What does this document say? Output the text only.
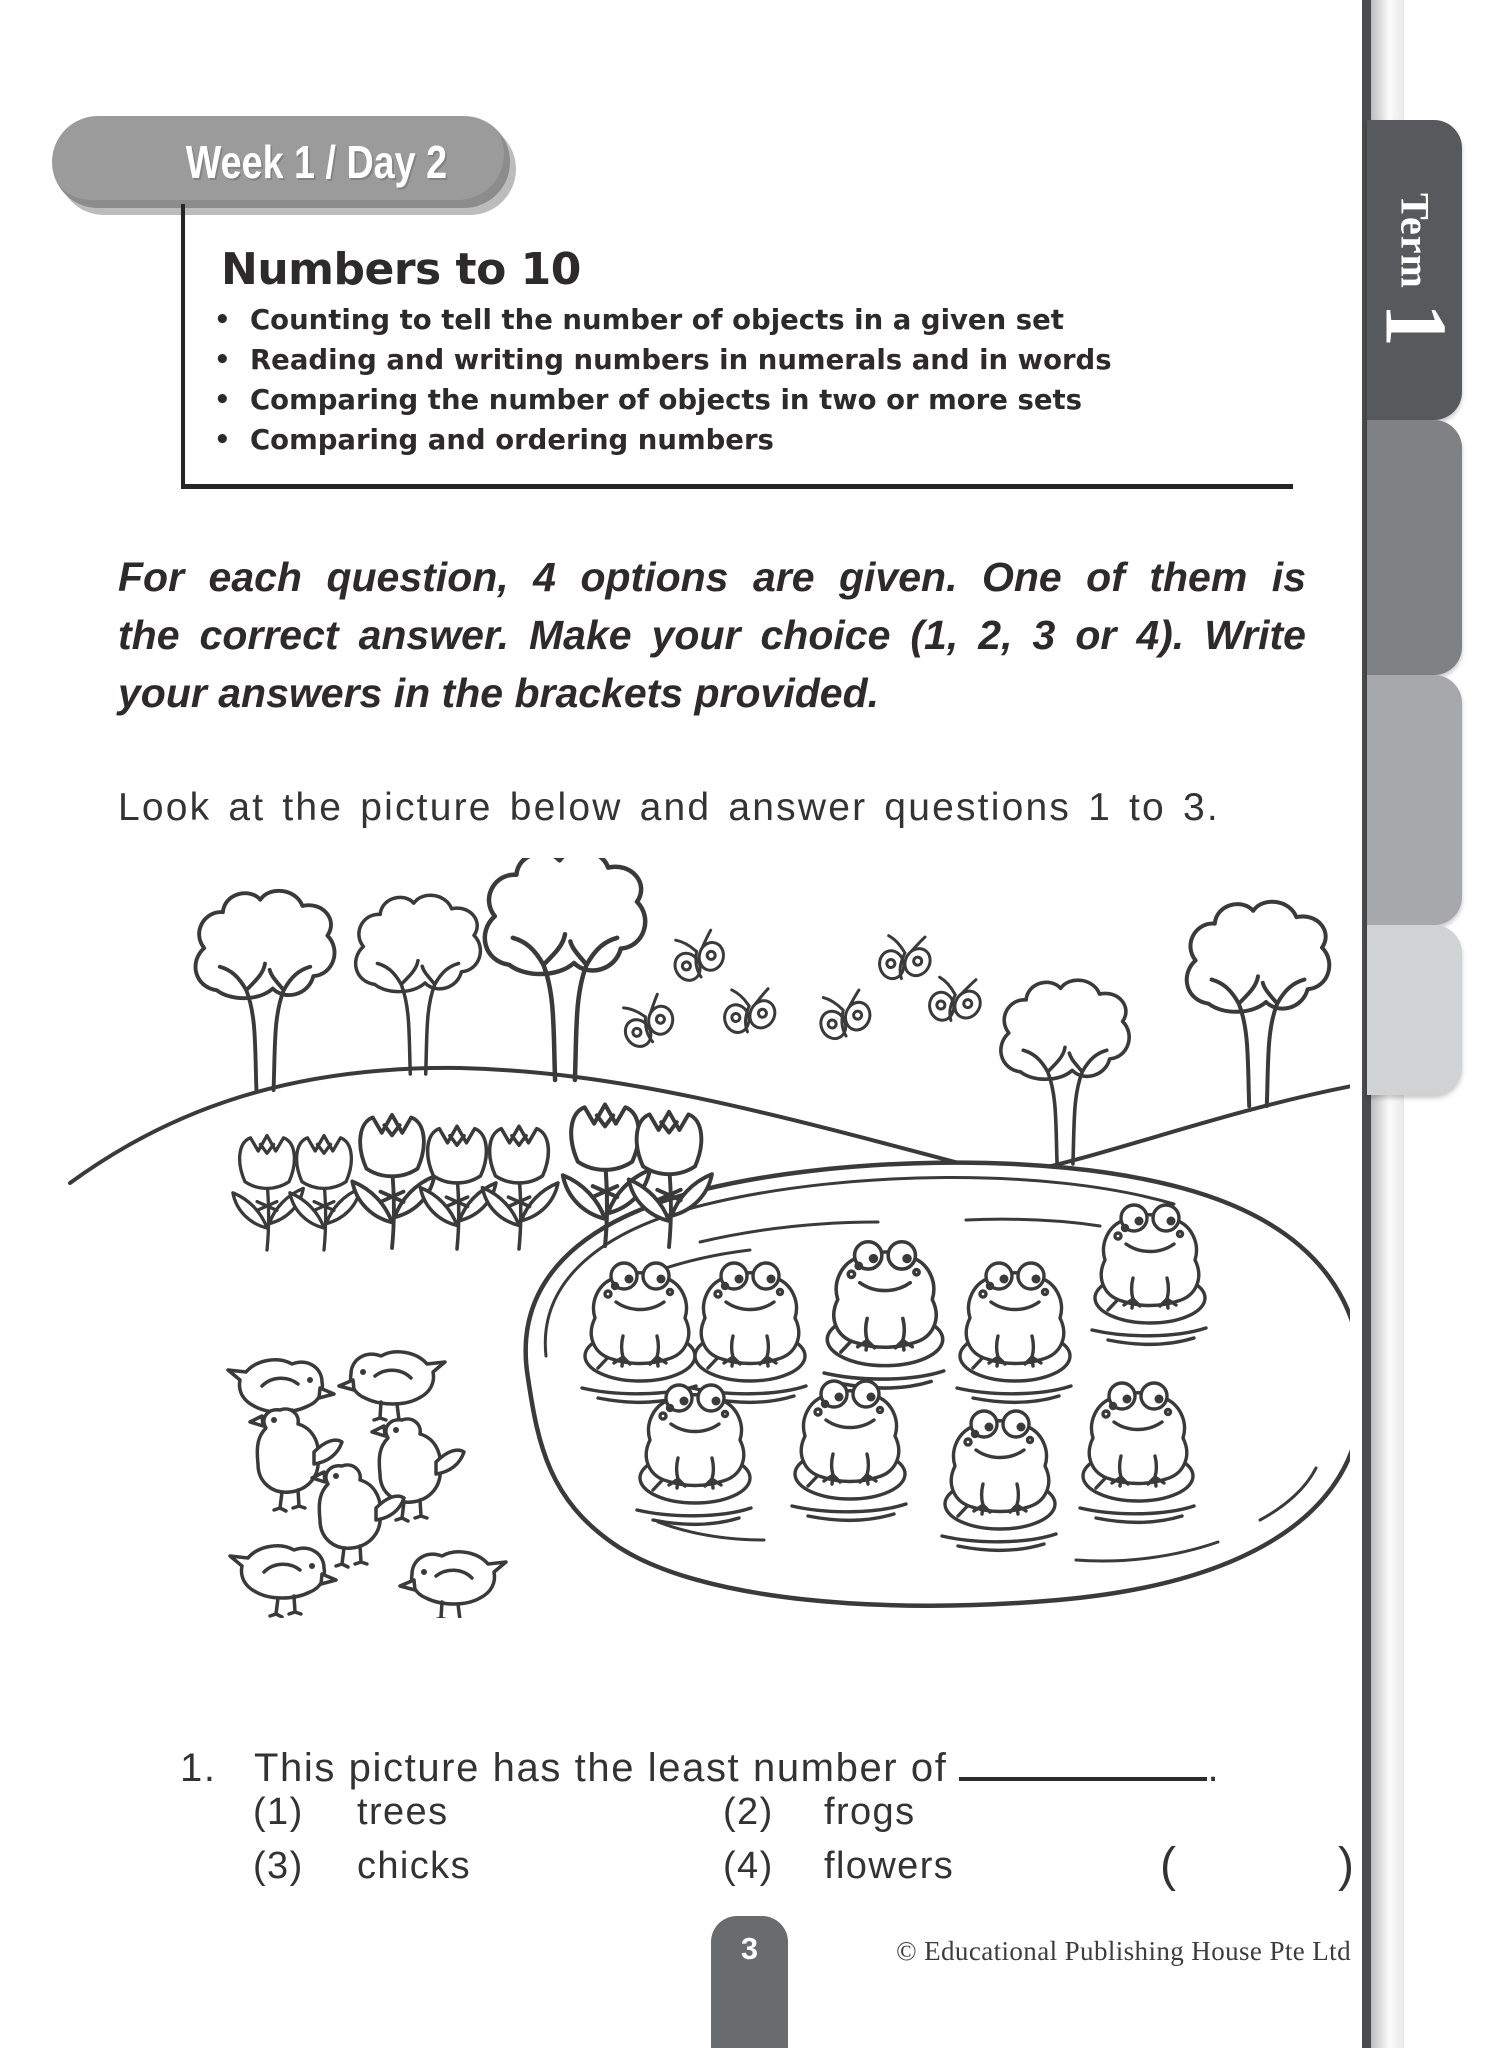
Week 1 / Day 2
Numbers to 10
• Counting to tell the number of objects in a given set
• Reading and writing numbers in numerals and in words
• Comparing the number of objects in two or more sets
• Comparing and ordering numbers
For each question, 4 options are given. One of them is
the correct answer. Make your choice (1, 2, 3 or 4). Write
your answers in the brackets provided.
Look at the picture below and answer questions 1 to 3.
1. This picture has the least number of	.
(1) trees	(2) frogs
(3) chicks	(4) flowers	(	)
3	© Educational Publishing House Pte Ltd
Term 1
